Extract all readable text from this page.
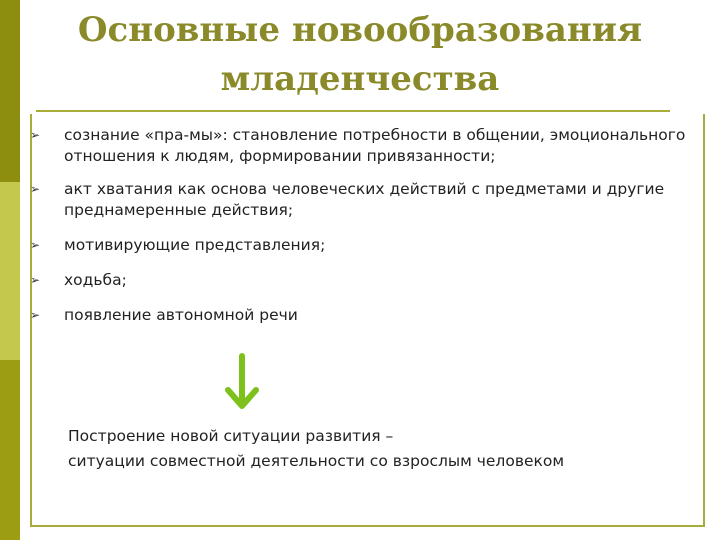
Основные новообразования
младенчества
➢ сознание «пра-мы»: становление потребности в общении, эмоционального отношения к людям, формировании привязанности;
➢ акт хватания как основа человеческих действий с предметами и другие преднамеренные действия;
➢ мотивирующие представления;
➢ ходьба;
➢ появление автономной речи
Построение новой ситуации развития –
ситуации совместной деятельности со взрослым человеком
